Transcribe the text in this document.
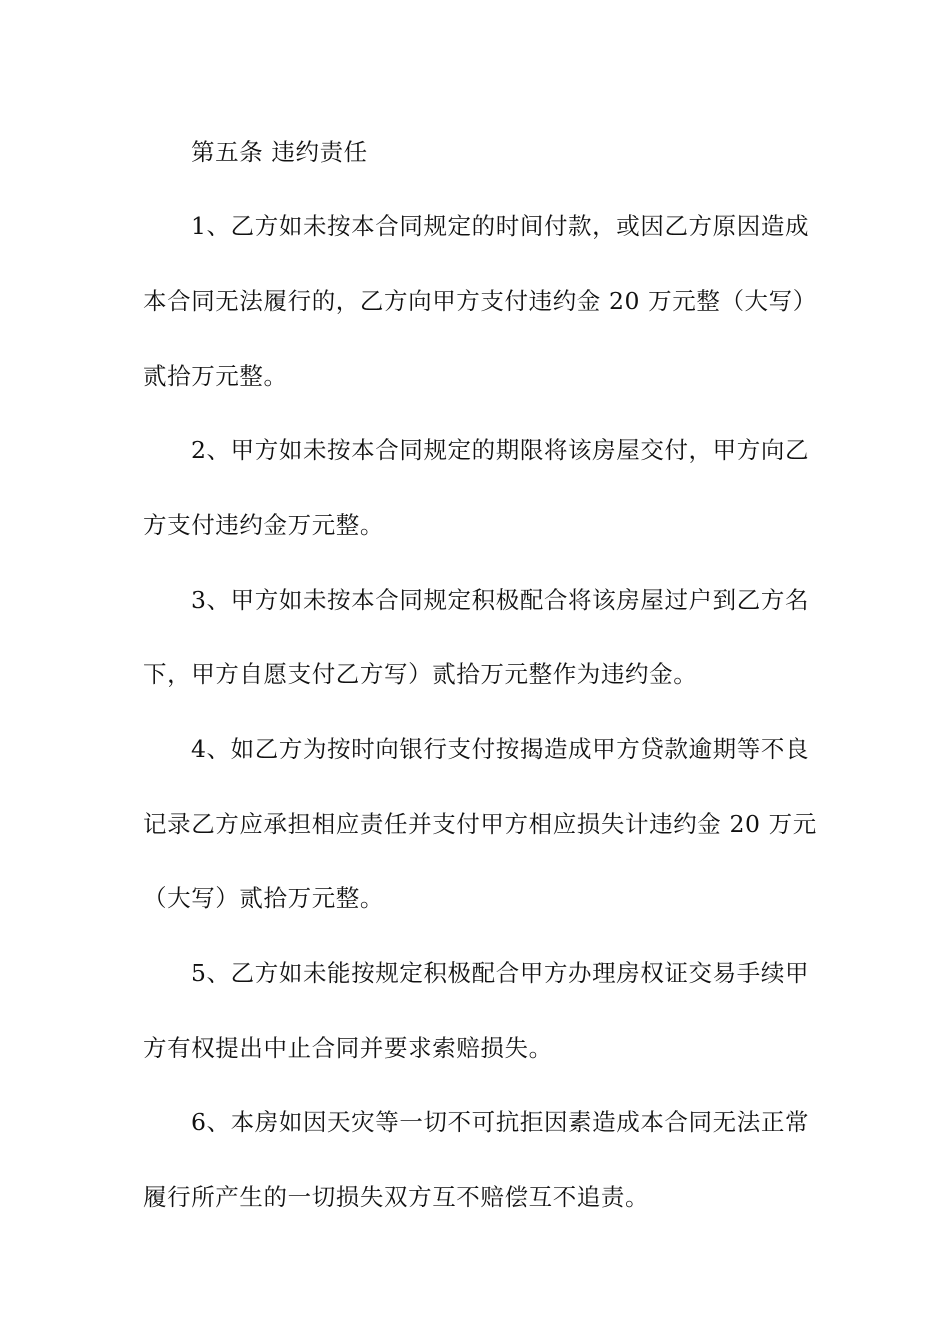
第五条 违约责任

1、乙方如未按本合同规定的时间付款，或因乙方原因造成

本合同无法履行的，乙方向甲方支付违约金 20 万元整（大写）

贰拾万元整。

2、甲方如未按本合同规定的期限将该房屋交付，甲方向乙

方支付违约金万元整。

3、甲方如未按本合同规定积极配合将该房屋过户到乙方名

下，甲方自愿支付乙方写）贰拾万元整作为违约金。

4、如乙方为按时向银行支付按揭造成甲方贷款逾期等不良

记录乙方应承担相应责任并支付甲方相应损失计违约金 20 万元

（大写）贰拾万元整。

5、乙方如未能按规定积极配合甲方办理房权证交易手续甲

方有权提出中止合同并要求索赔损失。

6、本房如因天灾等一切不可抗拒因素造成本合同无法正常

履行所产生的一切损失双方互不赔偿互不追责。
